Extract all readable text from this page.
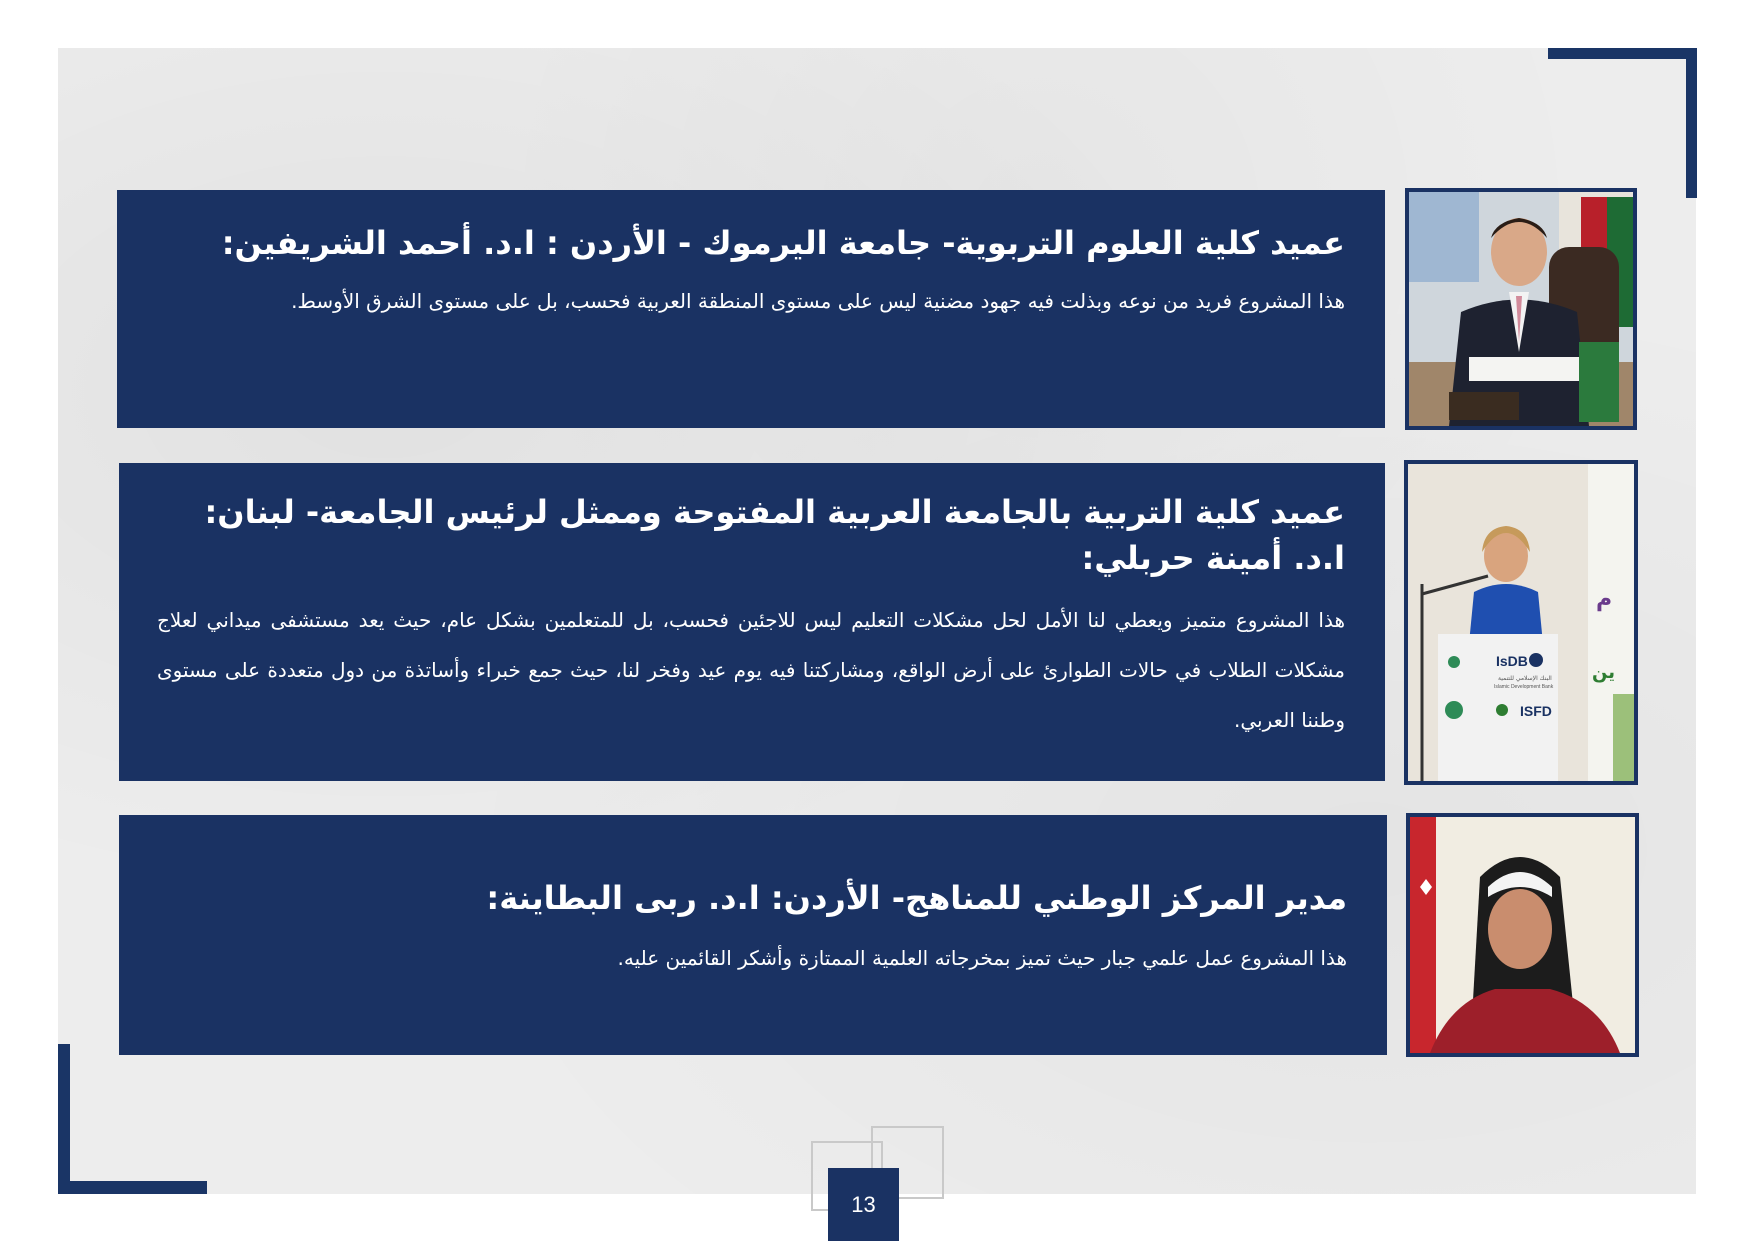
عميد كلية العلوم التربوية- جامعة اليرموك - الأردن : ا.د. أحمد الشريفين:

هذا المشروع فريد من نوعه وبذلت فيه جهود مضنية ليس على مستوى المنطقة العربية فحسب، بل على مستوى الشرق الأوسط.

عميد كلية التربية بالجامعة العربية المفتوحة وممثل لرئيس الجامعة- لبنان:
ا.د. أمينة حربلي:

هذا المشروع متميز ويعطي لنا الأمل لحل مشكلات التعليم ليس للاجئين فحسب، بل للمتعلمين بشكل عام، حيث يعد مستشفى ميداني لعلاج مشكلات الطلاب في حالات الطوارئ على أرض الواقع، ومشاركتنا فيه يوم عيد وفخر لنا، حيث جمع خبراء وأساتذة من دول متعددة على مستوى وطننا العربي.

IsDB
البنك الإسلامي للتنمية
Islamic Development Bank
ISFD
م
ين
مدير المركز الوطني للمناهج- الأردن: ا.د. ربى البطاينة:

هذا المشروع عمل علمي جبار حيث تميز بمخرجاته العلمية الممتازة وأشكر القائمين عليه.

13
